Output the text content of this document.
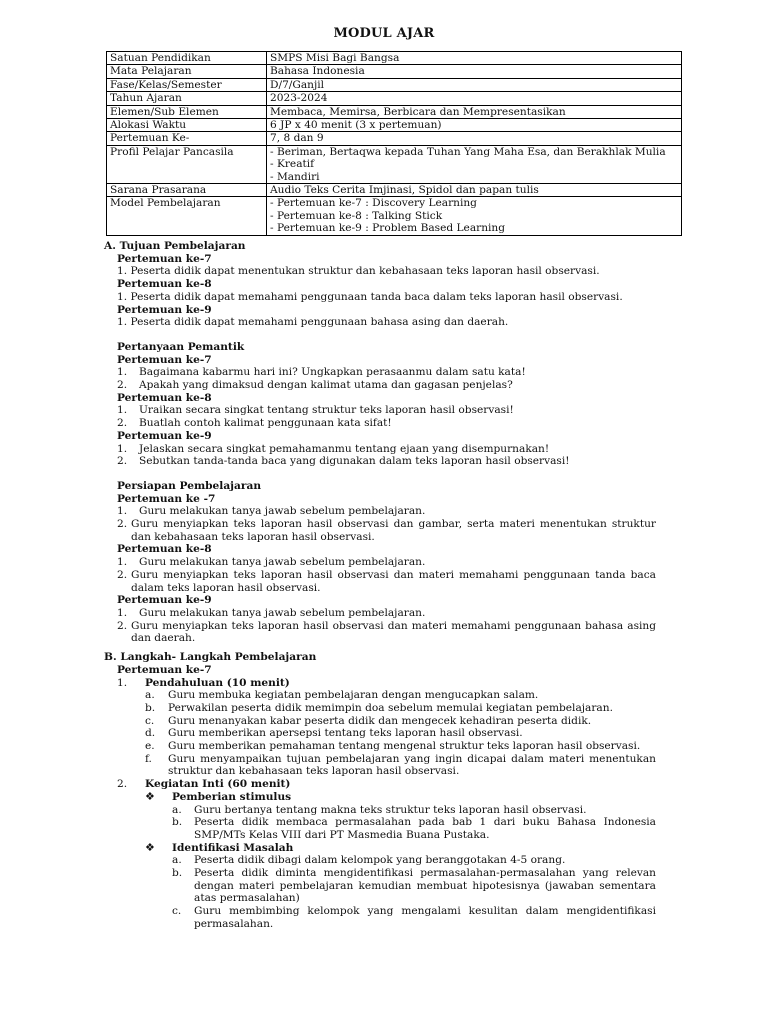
MODUL AJAR
Satuan Pendidikan	SMPS Misi Bagi Bangsa
Mata Pelajaran	Bahasa Indonesia
Fase/Kelas/Semester	D/7/Ganjil
Tahun Ajaran	2023-2024
Elemen/Sub Elemen	Membaca, Memirsa, Berbicara dan Mempresentasikan
Alokasi Waktu	6 JP x 40 menit (3 x pertemuan)
Pertemuan Ke-	7, 8 dan 9
Profil Pelajar Pancasila	- Beriman, Bertaqwa kepada Tuhan Yang Maha Esa, dan Berakhlak Mulia
- Kreatif
- Mandiri

Sarana Prasarana	Audio Teks Cerita Imjinasi, Spidol dan papan tulis
Model Pembelajaran	- Pertemuan ke-7 : Discovery Learning
- Pertemuan ke-8 : Talking Stick
- Pertemuan ke-9 : Problem Based Learning
A. Tujuan Pembelajaran
Pertemuan ke-7
1. Peserta didik dapat menentukan struktur dan kebahasaan teks laporan hasil observasi.
Pertemuan ke-8
1. Peserta didik dapat memahami penggunaan tanda baca dalam teks laporan hasil observasi.
Pertemuan ke-9
1. Peserta didik dapat memahami penggunaan bahasa asing dan daerah.
Pertanyaan Pemantik
Pertemuan ke-7
1.	Bagaimana kabarmu hari ini? Ungkapkan perasaanmu dalam satu kata!
2.	Apakah yang dimaksud dengan kalimat utama dan gagasan penjelas?
Pertemuan ke-8
1.	Uraikan secara singkat tentang struktur teks laporan hasil observasi!
2.	Buatlah contoh kalimat penggunaan kata sifat!
Pertemuan ke-9
1.	Jelaskan secara singkat pemahamanmu tentang ejaan yang disempurnakan!
2.	Sebutkan tanda-tanda baca yang digunakan dalam teks laporan hasil observasi!
Persiapan Pembelajaran
Pertemuan ke -7
1.	Guru melakukan tanya jawab sebelum pembelajaran.
2. Guru menyiapkan teks laporan hasil observasi dan gambar, serta materi menentukan struktur dan kebahasaan teks laporan hasil observasi.
Pertemuan ke-8
1.	Guru melakukan tanya jawab sebelum pembelajaran.
2. Guru menyiapkan teks laporan hasil observasi dan materi memahami penggunaan tanda baca dalam teks laporan hasil observasi.
Pertemuan ke-9
1.	Guru melakukan tanya jawab sebelum pembelajaran.
2. Guru menyiapkan teks laporan hasil observasi dan materi memahami penggunaan bahasa asing dan daerah.
B. Langkah- Langkah Pembelajaran
Pertemuan ke-7
1.	Pendahuluan (10 menit)
a.	Guru membuka kegiatan pembelajaran dengan mengucapkan salam.
b.	Perwakilan peserta didik memimpin doa sebelum memulai kegiatan pembelajaran.
c.	Guru menanyakan kabar peserta didik dan mengecek kehadiran peserta didik.
d.	Guru memberikan apersepsi tentang teks laporan hasil observasi.
e.	Guru memberikan pemahaman tentang mengenal struktur teks laporan hasil observasi.
f.	Guru menyampaikan tujuan pembelajaran yang ingin dicapai dalam materi menentukan struktur dan kebahasaan teks laporan hasil observasi.
2.	Kegiatan Inti (60 menit)
❖	Pemberian stimulus
a.	Guru bertanya tentang makna teks struktur teks laporan hasil observasi.
b.	Peserta didik membaca permasalahan pada bab 1 dari buku Bahasa Indonesia SMP/MTs Kelas VIII dari PT Masmedia Buana Pustaka.
❖	Identifikasi Masalah
a.	Peserta didik dibagi dalam kelompok yang beranggotakan 4-5 orang.
b.	Peserta didik diminta mengidentifikasi permasalahan-permasalahan yang relevan dengan materi pembelajaran kemudian membuat hipotesisnya (jawaban sementara atas permasalahan)
c.	Guru membimbing kelompok yang mengalami kesulitan dalam mengidentifikasi permasalahan.
